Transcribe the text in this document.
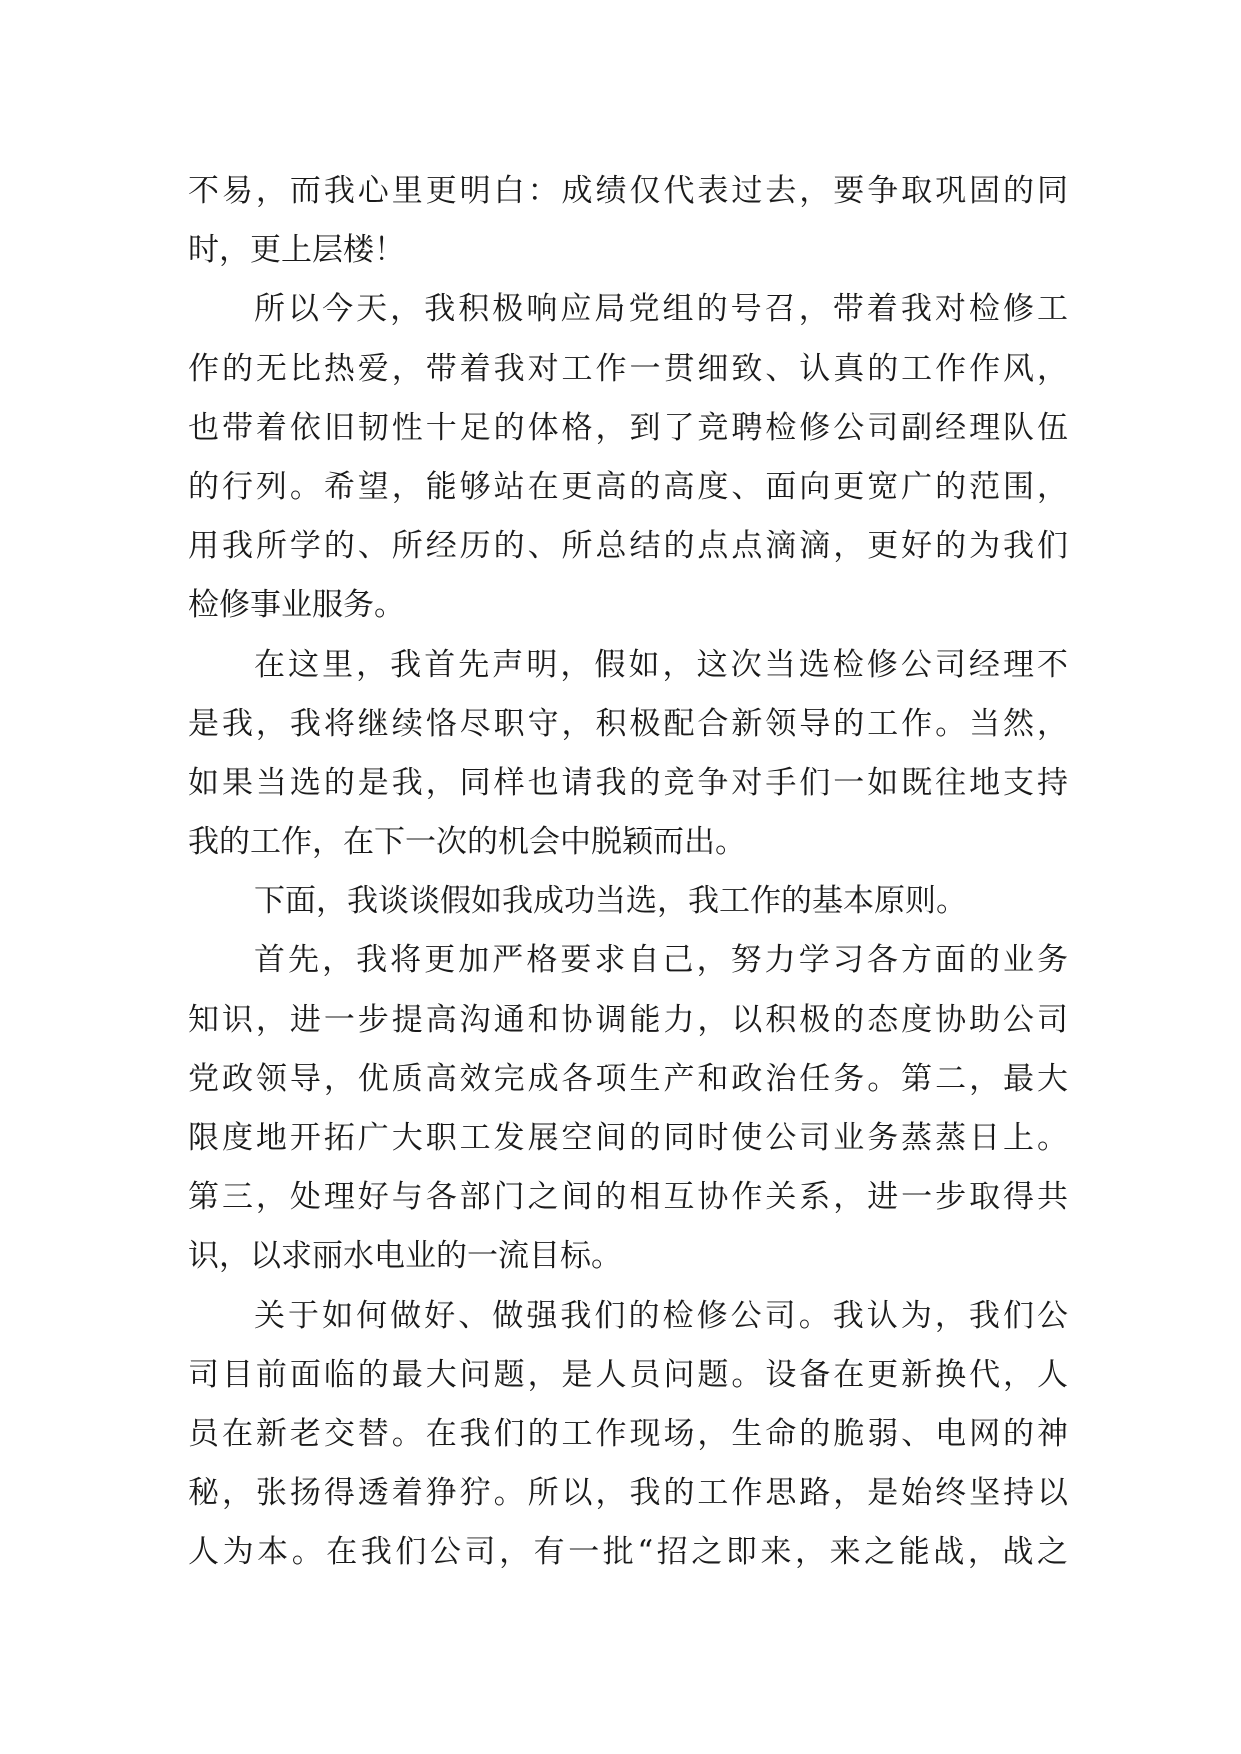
不易，而我心里更明白：成绩仅代表过去，要争取巩固的同
时，更上层楼！
所以今天，我积极响应局党组的号召，带着我对检修工
作的无比热爱，带着我对工作一贯细致、认真的工作作风，
也带着依旧韧性十足的体格，到了竞聘检修公司副经理队伍
的行列。希望，能够站在更高的高度、面向更宽广的范围，
用我所学的、所经历的、所总结的点点滴滴，更好的为我们
检修事业服务。
在这里，我首先声明，假如，这次当选检修公司经理不
是我，我将继续恪尽职守，积极配合新领导的工作。当然，
如果当选的是我，同样也请我的竞争对手们一如既往地支持
我的工作，在下一次的机会中脱颖而出。
下面，我谈谈假如我成功当选，我工作的基本原则。
首先，我将更加严格要求自己，努力学习各方面的业务
知识，进一步提高沟通和协调能力，以积极的态度协助公司
党政领导，优质高效完成各项生产和政治任务。第二，最大
限度地开拓广大职工发展空间的同时使公司业务蒸蒸日上。
第三，处理好与各部门之间的相互协作关系，进一步取得共
识，以求丽水电业的一流目标。
关于如何做好、做强我们的检修公司。我认为，我们公
司目前面临的最大问题，是人员问题。设备在更新换代，人
员在新老交替。在我们的工作现场，生命的脆弱、电网的神
秘，张扬得透着狰狞。所以，我的工作思路，是始终坚持以
人为本。在我们公司，有一批“招之即来，来之能战，战之
